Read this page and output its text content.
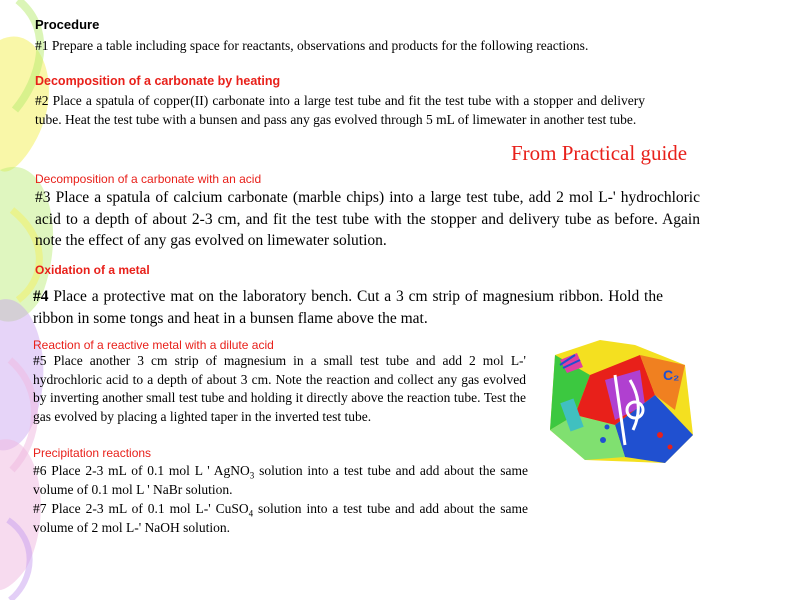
Procedure

#1 Prepare a table including space for reactants, observations and products for the following reactions.

Decomposition of a carbonate by heating

#2 Place a spatula of copper(II) carbonate into a large test tube and fit the test tube with a stopper and delivery tube. Heat the test tube with a bunsen and pass any gas evolved through 5 mL of limewater in another test tube.

From Practical guide
Decomposition of a carbonate with an acid

#3 Place a spatula of calcium carbonate (marble chips) into a large test tube, add 2 mol L-' hydrochloric acid to a depth of about 2-3 cm, and fit the test tube with the stopper and delivery tube as before. Again note the effect of any gas evolved on limewater solution.

Oxidation of a metal

#4 Place a protective mat on the laboratory bench. Cut a 3 cm strip of magnesium ribbon. Hold the ribbon in some tongs and heat in a bunsen flame above the mat.

Reaction of a reactive metal with a dilute acid

#5 Place another 3 cm strip of magnesium in a small test tube and add 2 mol L-' hydrochloric acid to a depth of about 3 cm. Note the reaction and collect any gas evolved by inverting another small test tube and holding it directly above the reaction tube. Test the gas evolved by placing a lighted taper in the inverted test tube.

Precipitation reactions

#6 Place 2-3 mL of 0.1 mol L ' AgNO$_3$ solution into a test tube and add about the same volume of 0.1 mol L ' NaBr solution.

#7 Place 2-3 mL of 0.1 mol L-' CuSO$_4$ solution into a test tube and add about the same volume of 2 mol L-' NaOH solution.

C₂
